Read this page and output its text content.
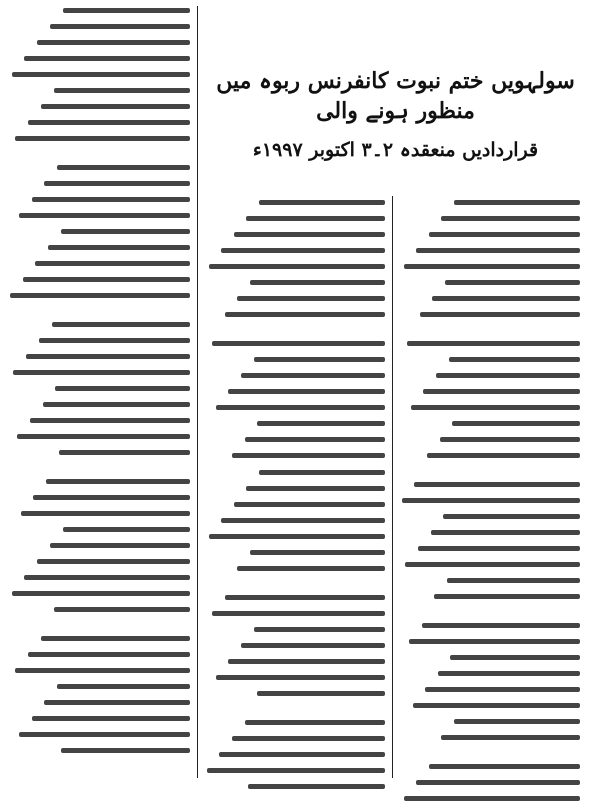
سولہویں ختم نبوت کانفرنس ربوہ میں منظور ہونے والی
قراردادیں منعقدہ ۲۔۳ اکتوبر ۱۹۹۷ء
